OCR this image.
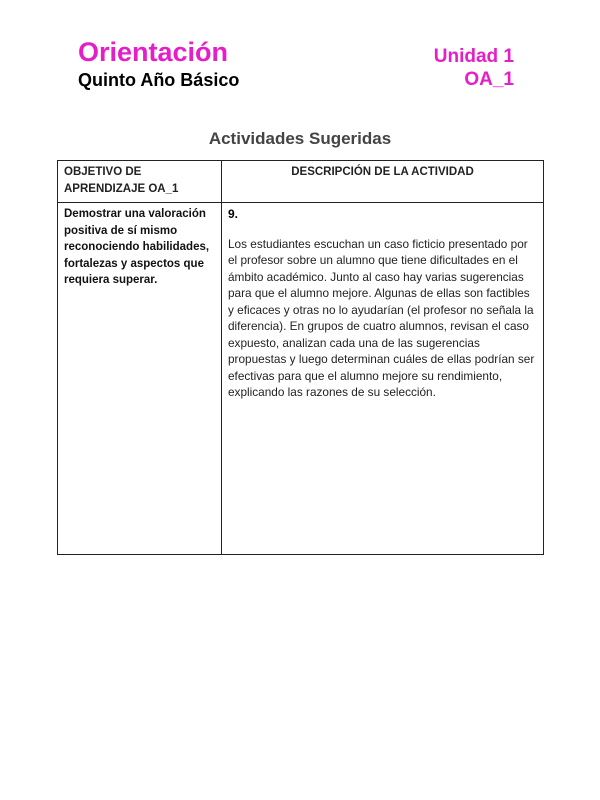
Orientación
Quinto Año Básico
Unidad 1
OA_1
Actividades Sugeridas
OBJETIVO DE APRENDIZAJE OA_1	DESCRIPCIÓN DE LA ACTIVIDAD
Demostrar una valoración positiva de sí mismo reconociendo habilidades, fortalezas y aspectos que requiera superar.	9.
Los estudiantes escuchan un caso ficticio presentado por el profesor sobre un alumno que tiene dificultades en el ámbito académico. Junto al caso hay varias sugerencias para que el alumno mejore. Algunas de ellas son factibles y eficaces y otras no lo ayudarían (el profesor no señala la diferencia). En grupos de cuatro alumnos, revisan el caso expuesto, analizan cada una de las sugerencias propuestas y luego determinan cuáles de ellas podrían ser efectivas para que el alumno mejore su rendimiento, explicando las razones de su selección.
